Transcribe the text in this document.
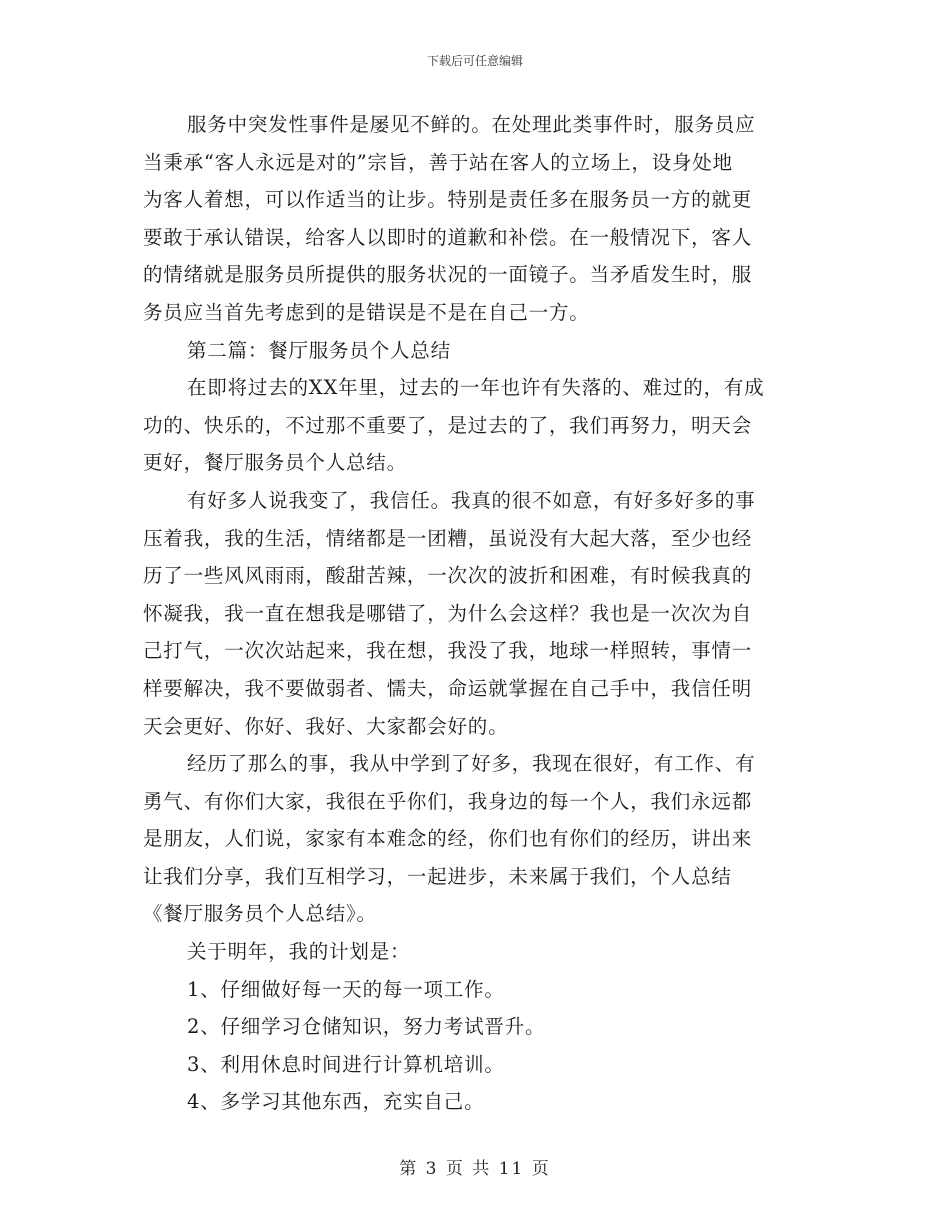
下载后可任意编辑
服务中突发性事件是屡见不鲜的。在处理此类事件时，服务员应
当秉承“客人永远是对的”宗旨，善于站在客人的立场上，设身处地
为客人着想，可以作适当的让步。特别是责任多在服务员一方的就更
要敢于承认错误，给客人以即时的道歉和补偿。在一般情况下，客人
的情绪就是服务员所提供的服务状况的一面镜子。当矛盾发生时，服
务员应当首先考虑到的是错误是不是在自己一方。
第二篇：餐厅服务员个人总结
在即将过去的XX年里，过去的一年也许有失落的、难过的，有成
功的、快乐的，不过那不重要了，是过去的了，我们再努力，明天会
更好，餐厅服务员个人总结。
有好多人说我变了，我信任。我真的很不如意，有好多好多的事
压着我，我的生活，情绪都是一团糟，虽说没有大起大落，至少也经
历了一些风风雨雨，酸甜苦辣，一次次的波折和困难，有时候我真的
怀凝我，我一直在想我是哪错了，为什么会这样？我也是一次次为自
己打气，一次次站起来，我在想，我没了我，地球一样照转，事情一
样要解决，我不要做弱者、懦夫，命运就掌握在自己手中，我信任明
天会更好、你好、我好、大家都会好的。
经历了那么的事，我从中学到了好多，我现在很好，有工作、有
勇气、有你们大家，我很在乎你们，我身边的每一个人，我们永远都
是朋友，人们说，家家有本难念的经，你们也有你们的经历，讲出来
让我们分享，我们互相学习，一起进步，未来属于我们，个人总结
《餐厅服务员个人总结》。
关于明年，我的计划是：
1、仔细做好每一天的每一项工作。
2、仔细学习仓储知识，努力考试晋升。
3、利用休息时间进行计算机培训。
4、多学习其他东西，充实自己。
第 3 页 共 11 页
